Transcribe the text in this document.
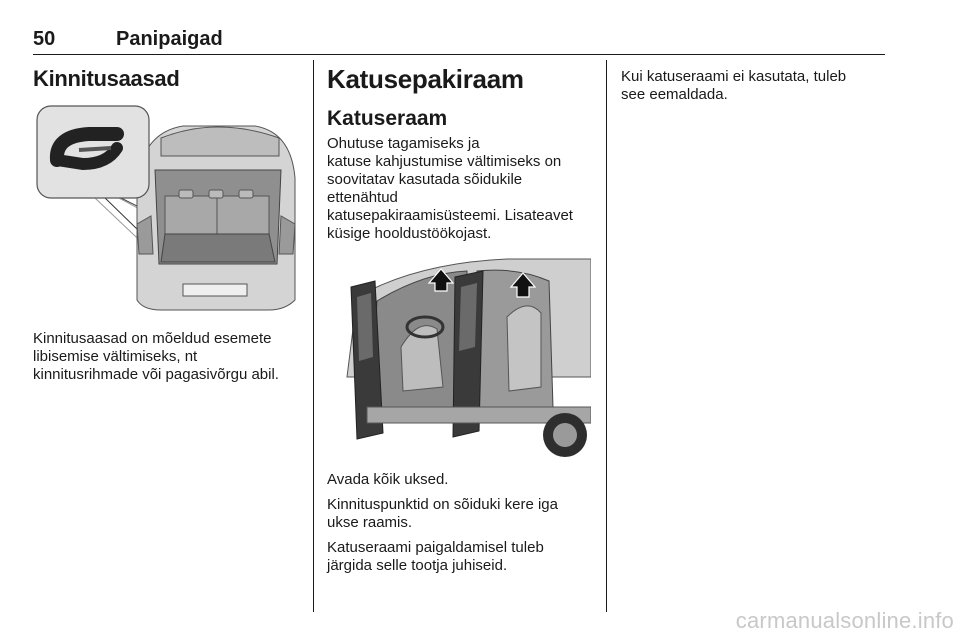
50	Panipaigad
Kinnitusaasad

Kinnitusaasad on mõeldud esemete
libisemise vältimiseks, nt
kinnitusrihmade või pagasivõrgu abil.

Katusepakiraam
Katuseraam

Ohutuse tagamiseks ja
katuse kahjustumise vältimiseks on
soovitatav kasutada sõidukile
ettenähtud
katusepakiraamisüsteemi. Lisateavet
küsige hooldustöökojast.

Avada kõik uksed.

Kinnituspunktid on sõiduki kere iga
ukse raamis.

Katuseraami paigaldamisel tuleb
järgida selle tootja juhiseid.

Kui katuseraami ei kasutata, tuleb
see eemaldada.

carmanualsonline.info
